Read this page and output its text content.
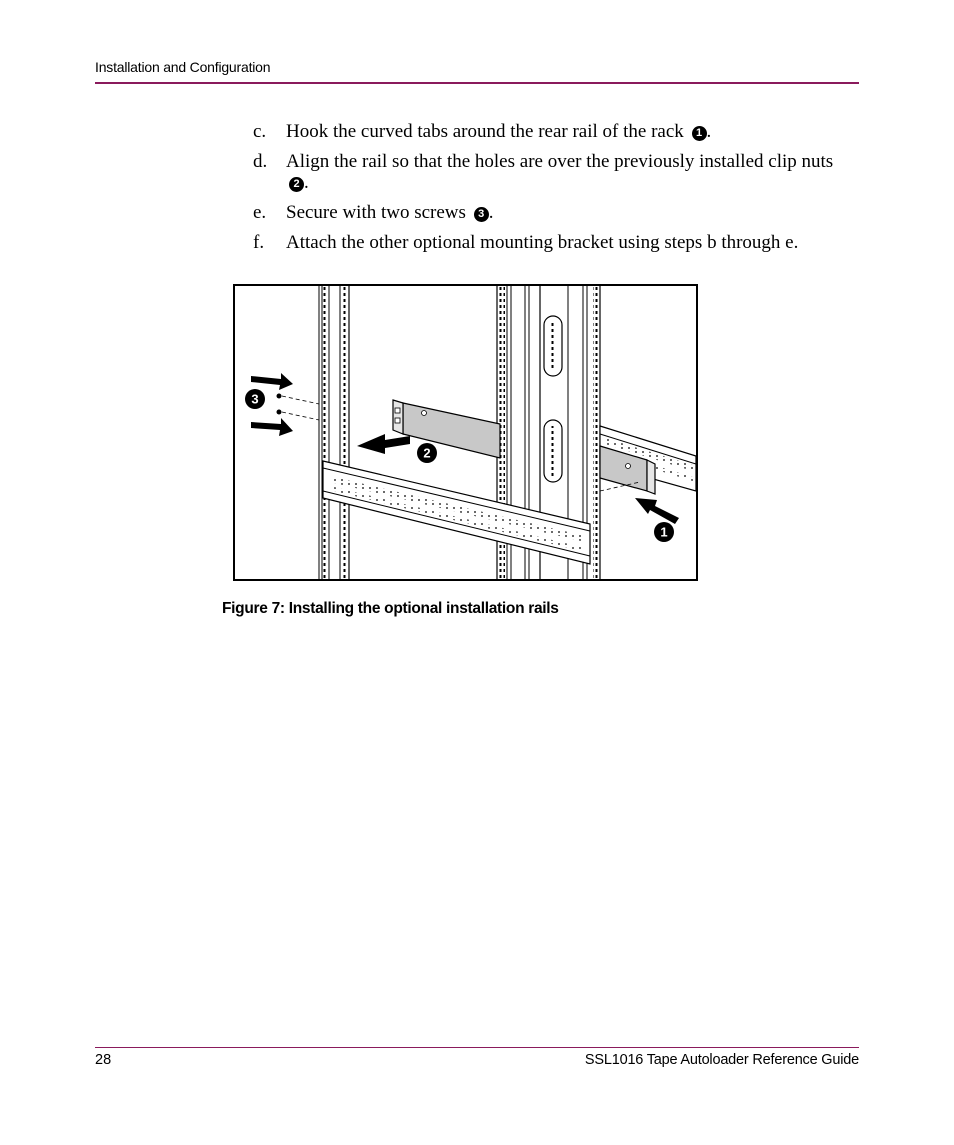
Installation and Configuration
c. Hook the curved tabs around the rear rail of the rack 1 .
d. Align the rail so that the holes are over the previously installed clip nuts 2 .
e. Secure with two screws 3 .
f. Attach the other optional mounting bracket using steps b through e.
1
2
3
Figure 7: Installing the optional installation rails
28	SSL1016 Tape Autoloader Reference Guide
